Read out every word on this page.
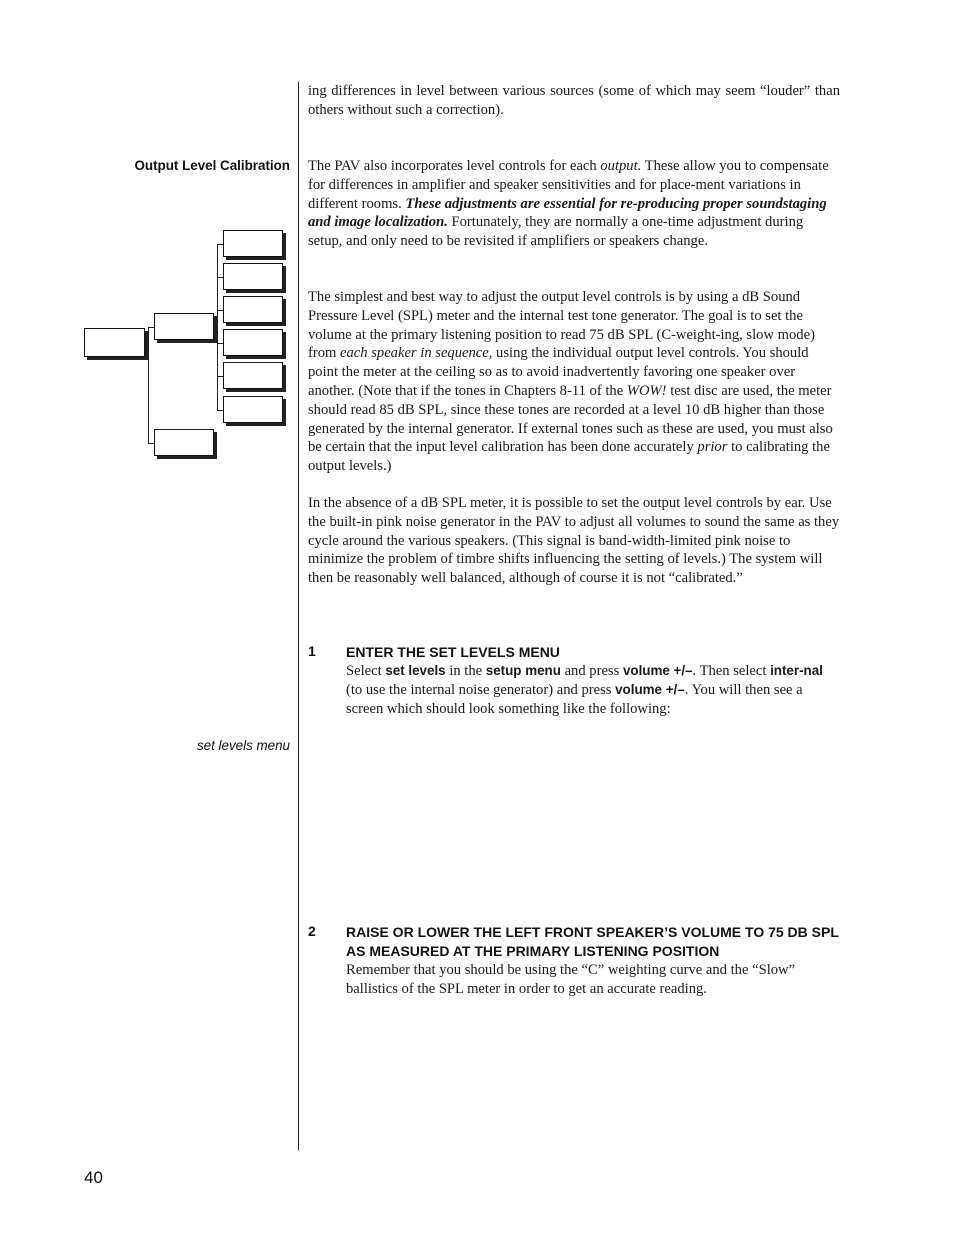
Output Level Calibration

ing differences in level between various sources (some of which may seem “louder” than others without such a correction).

The PAV also incorporates level controls for each output. These allow you to compensate for differences in amplifier and speaker sensitivities and for place-ment variations in different rooms. These adjustments are essential for re-producing proper soundstaging and image localization. Fortunately, they are normally a one-time adjustment during setup, and only need to be revisited if amplifiers or speakers change.

The simplest and best way to adjust the output level controls is by using a dB Sound Pressure Level (SPL) meter and the internal test tone generator. The goal is to set the volume at the primary listening position to read 75 dB SPL (C-weight-ing, slow mode) from each speaker in sequence, using the individual output level controls. You should point the meter at the ceiling so as to avoid inadvertently favoring one speaker over another. (Note that if the tones in Chapters 8-11 of the WOW! test disc are used, the meter should read 85 dB SPL, since these tones are recorded at a level 10 dB higher than those generated by the internal generator. If external tones such as these are used, you must also be certain that the input level calibration has been done accurately prior to calibrating the output levels.)

In the absence of a dB SPL meter, it is possible to set the output level controls by ear. Use the built-in pink noise generator in the PAV to adjust all volumes to sound the same as they cycle around the various speakers. (This signal is band-width-limited pink noise to minimize the problem of timbre shifts influencing the setting of levels.) The system will then be reasonably well balanced, although of course it is not “calibrated.”

1 ENTER THE SET LEVELS MENU

Select set levels in the setup menu and press volume +/–. Then select inter-nal (to use the internal noise generator) and press volume +/–. You will then see a screen which should look something like the following:

set levels menu
2 RAISE OR LOWER THE LEFT FRONT SPEAKER’S VOLUME TO 75 DB SPL AS MEASURED AT THE PRIMARY LISTENING POSITION

Remember that you should be using the “C” weighting curve and the “Slow” ballistics of the SPL meter in order to get an accurate reading.

40
